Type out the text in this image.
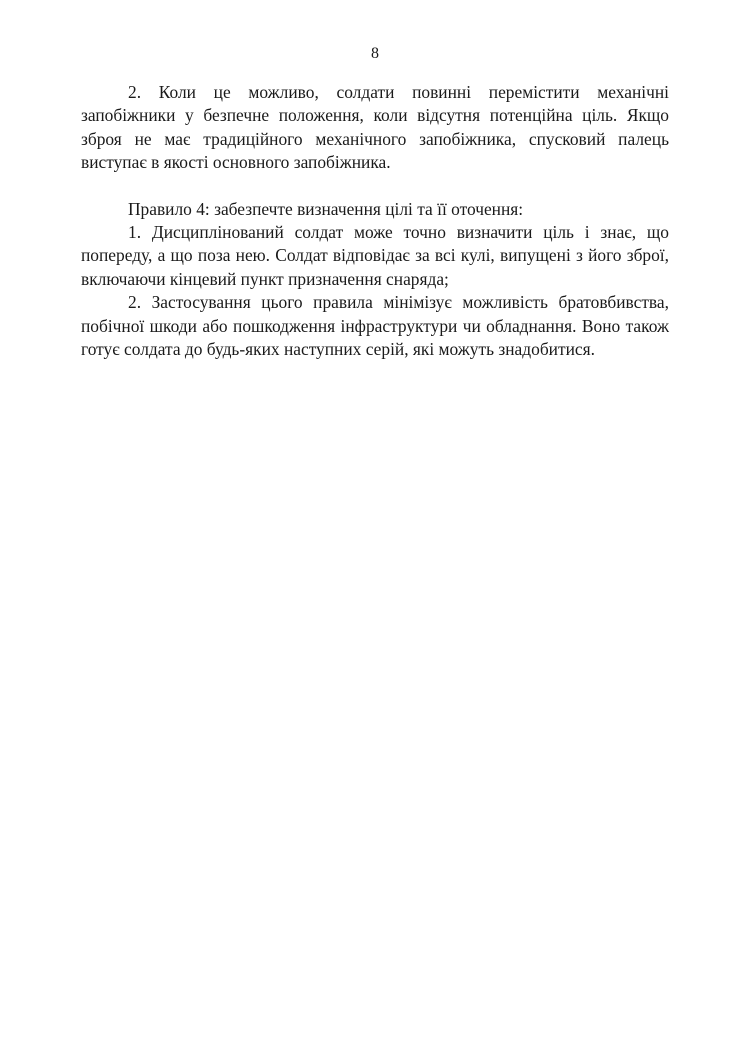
8

2. Коли це можливо, солдати повинні перемістити механічні запобіжники у безпечне положення, коли відсутня потенційна ціль. Якщо зброя не має традиційного механічного запобіжника, спусковий палець виступає в якості основного запобіжника.

Правило 4: забезпечте визначення цілі та її оточення:

1. Дисциплінований солдат може точно визначити ціль і знає, що попереду, а що поза нею. Солдат відповідає за всі кулі, випущені з його зброї, включаючи кінцевий пункт призначення снаряда;

2. Застосування цього правила мінімізує можливість братовбивства, побічної шкоди або пошкодження інфраструктури чи обладнання. Воно також готує солдата до будь-яких наступних серій, які можуть знадобитися.
